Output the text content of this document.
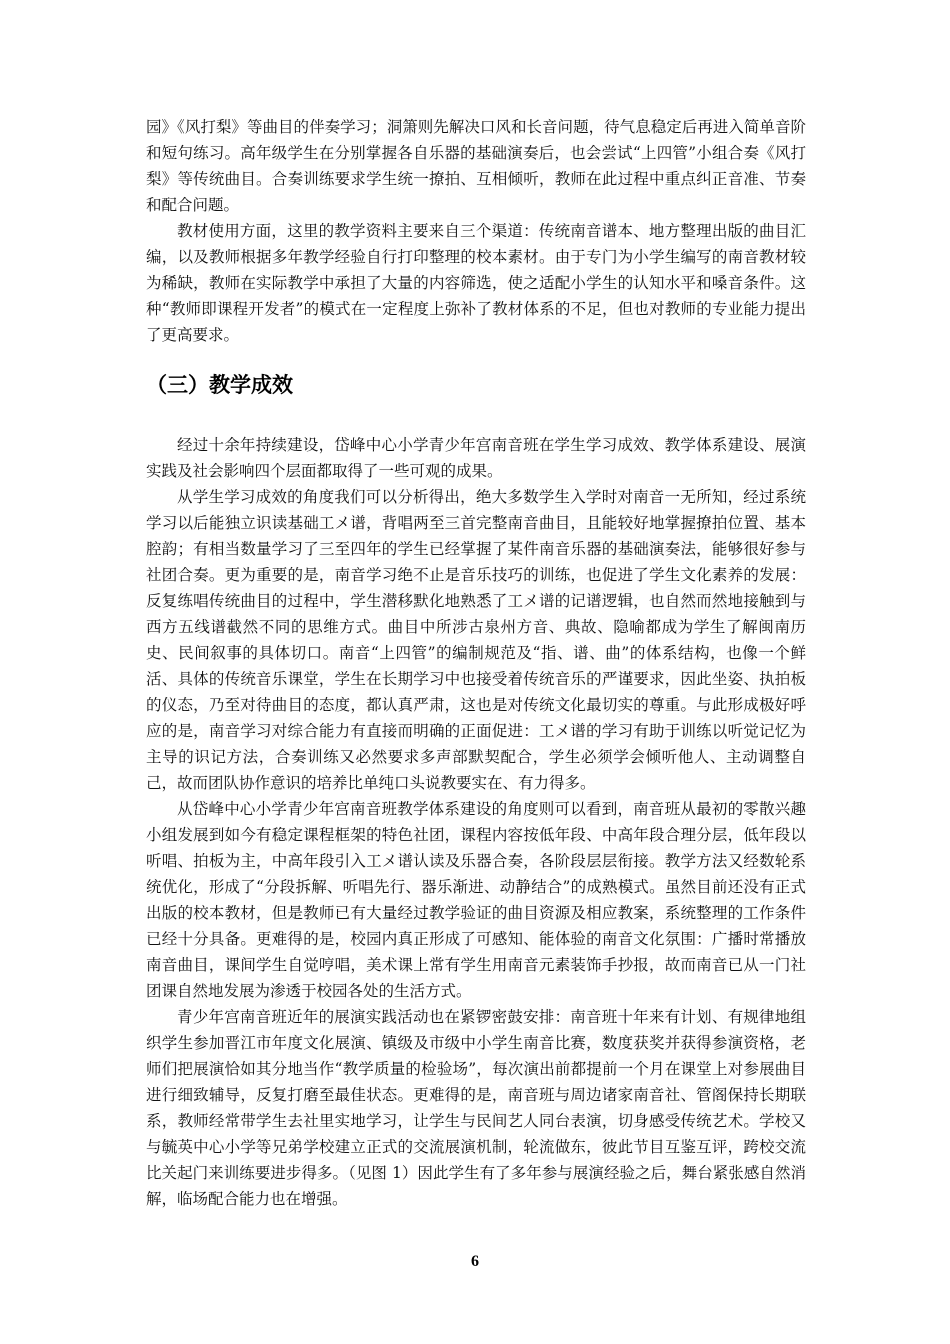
园》《风打梨》等曲目的伴奏学习；洞箫则先解决口风和长音问题，待气息稳定后再进入简单音阶和短句练习。高年级学生在分别掌握各自乐器的基础演奏后，也会尝试“上四管”小组合奏《风打梨》等传统曲目。合奏训练要求学生统一撩拍、互相倾听，教师在此过程中重点纠正音准、节奏和配合问题。

教材使用方面，这里的教学资料主要来自三个渠道：传统南音谱本、地方整理出版的曲目汇编，以及教师根据多年教学经验自行打印整理的校本素材。由于专门为小学生编写的南音教材较为稀缺，教师在实际教学中承担了大量的内容筛选，使之适配小学生的认知水平和嗓音条件。这种“教师即课程开发者”的模式在一定程度上弥补了教材体系的不足，但也对教师的专业能力提出了更高要求。

（三）教学成效

经过十余年持续建设，岱峰中心小学青少年宫南音班在学生学习成效、教学体系建设、展演实践及社会影响四个层面都取得了一些可观的成果。

从学生学习成效的角度我们可以分析得出，绝大多数学生入学时对南音一无所知，经过系统学习以后能独立识读基础工メ谱，背唱两至三首完整南音曲目，且能较好地掌握撩拍位置、基本腔韵；有相当数量学习了三至四年的学生已经掌握了某件南音乐器的基础演奏法，能够很好参与社团合奏。更为重要的是，南音学习绝不止是音乐技巧的训练，也促进了学生文化素养的发展：反复练唱传统曲目的过程中，学生潜移默化地熟悉了工メ谱的记谱逻辑，也自然而然地接触到与西方五线谱截然不同的思维方式。曲目中所涉古泉州方音、典故、隐喻都成为学生了解闽南历史、民间叙事的具体切口。南音“上四管”的编制规范及“指、谱、曲”的体系结构，也像一个鲜活、具体的传统音乐课堂，学生在长期学习中也接受着传统音乐的严谨要求，因此坐姿、执拍板的仪态，乃至对待曲目的态度，都认真严肃，这也是对传统文化最切实的尊重。与此形成极好呼应的是，南音学习对综合能力有直接而明确的正面促进：工メ谱的学习有助于训练以听觉记忆为主导的识记方法，合奏训练又必然要求多声部默契配合，学生必须学会倾听他人、主动调整自己，故而团队协作意识的培养比单纯口头说教要实在、有力得多。

从岱峰中心小学青少年宫南音班教学体系建设的角度则可以看到，南音班从最初的零散兴趣小组发展到如今有稳定课程框架的特色社团，课程内容按低年段、中高年段合理分层，低年段以听唱、拍板为主，中高年段引入工メ谱认读及乐器合奏，各阶段层层衔接。教学方法又经数轮系统优化，形成了“分段拆解、听唱先行、器乐渐进、动静结合”的成熟模式。虽然目前还没有正式出版的校本教材，但是教师已有大量经过教学验证的曲目资源及相应教案，系统整理的工作条件已经十分具备。更难得的是，校园内真正形成了可感知、能体验的南音文化氛围：广播时常播放南音曲目，课间学生自觉哼唱，美术课上常有学生用南音元素装饰手抄报，故而南音已从一门社团课自然地发展为渗透于校园各处的生活方式。

青少年宫南音班近年的展演实践活动也在紧锣密鼓安排：南音班十年来有计划、有规律地组织学生参加晋江市年度文化展演、镇级及市级中小学生南音比赛，数度获奖并获得参演资格，老师们把展演恰如其分地当作“教学质量的检验场”，每次演出前都提前一个月在课堂上对参展曲目进行细致辅导，反复打磨至最佳状态。更难得的是，南音班与周边诸家南音社、管阁保持长期联系，教师经常带学生去社里实地学习，让学生与民间艺人同台表演，切身感受传统艺术。学校又与毓英中心小学等兄弟学校建立正式的交流展演机制，轮流做东，彼此节目互鉴互评，跨校交流比关起门来训练要进步得多。（见图 1）因此学生有了多年参与展演经验之后，舞台紧张感自然消解，临场配合能力也在增强。

6
